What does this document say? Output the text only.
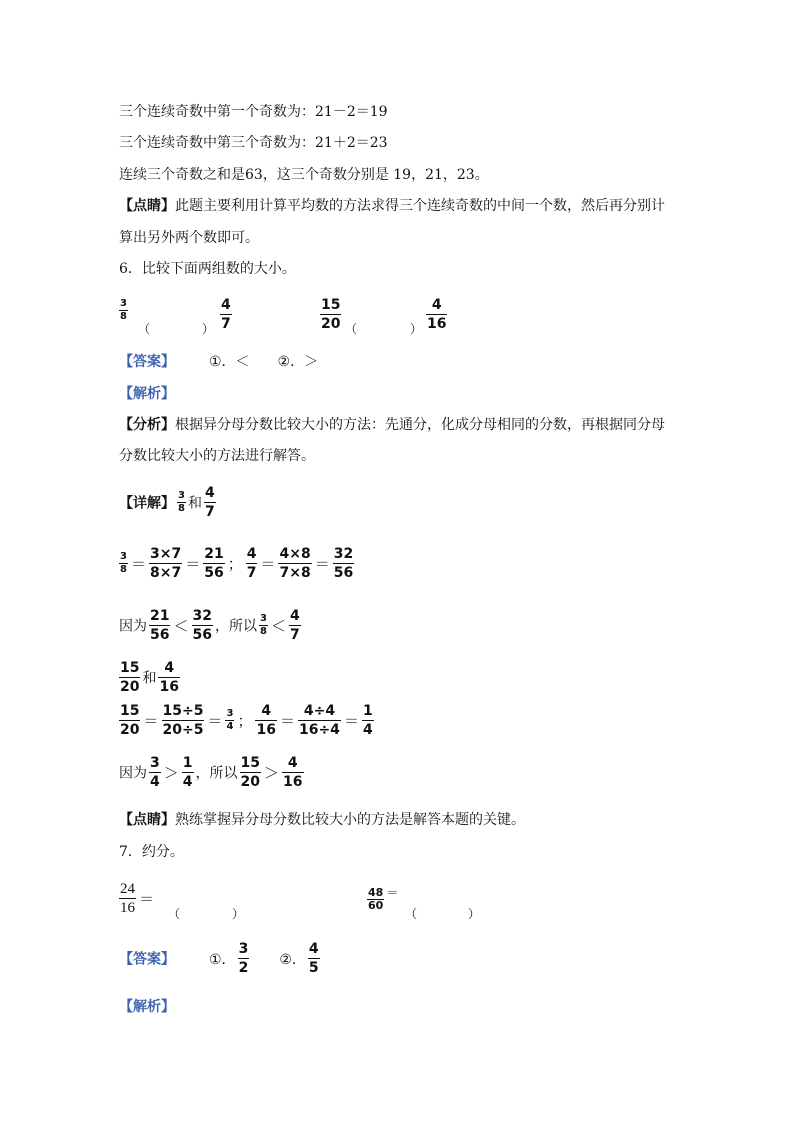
三个连续奇数中第一个奇数为：21－2＝19
三个连续奇数中第三个奇数为：21＋2＝23
连续三个奇数之和是63，这三个奇数分别是 19，21，23。
【点睛】此题主要利用计算平均数的方法求得三个连续奇数的中间一个数，然后再分别计
算出另外两个数即可。
6．比较下面两组数的大小。
$\frac{3}{8}$
（	） $\frac{4}{7}$	$\frac{15}{20}$ （	） $\frac{4}{16}$
【答案】 ①．＜　　②．＞
【解析】
【分析】根据异分母分数比较大小的方法：先通分，化成分母相同的分数，再根据同分母
分数比较大小的方法进行解答。
【详解】 $\frac{3}{8}$ 和 $\frac{4}{7}$
$\frac{3}{8} = \frac{3\times 7}{8\times 7} = \frac{21}{56}$ ； $\frac{4}{7} = \frac{4\times 8}{7\times 8} = \frac{32}{56}$
因为 $\frac{21}{56} < \frac{32}{56}$ ，所以 $\frac{3}{8} < \frac{4}{7}$
$\frac{15}{20}$ 和 $\frac{4}{16}$
$\frac{15}{20} = \frac{15\div 5}{20\div 5} = \frac{3}{4}$ ； $\frac{4}{16} = \frac{4\div 4}{16\div 4} = \frac{1}{4}$
因为 $\frac{3}{4} > \frac{1}{4}$ ，所以 $\frac{15}{20} > \frac{4}{16}$
【点睛】熟练掌握异分母分数比较大小的方法是解答本题的关键。
7．约分。
$\frac{24}{16}$ ＝
（	）
$\frac{48}{60}$ ＝
（	）
【答案】 ①． $\frac{3}{2}$ ②． $\frac{4}{5}$
【解析】
